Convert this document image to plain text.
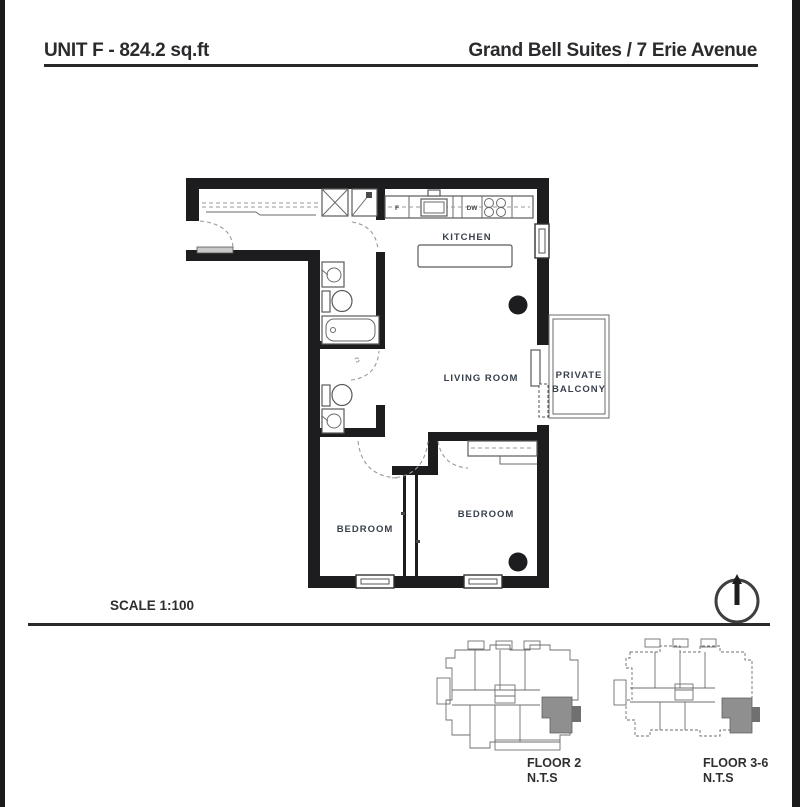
UNIT F - 824.2 sq.ft	Grand Bell Suites / 7 Erie Avenue
F	DW
KITCHEN
PRIVATE
BALCONY
LIVING ROOM
BEDROOM
BEDROOM
SCALE 1:100
FLOOR 2
N.T.S
FLOOR 3-6
N.T.S
